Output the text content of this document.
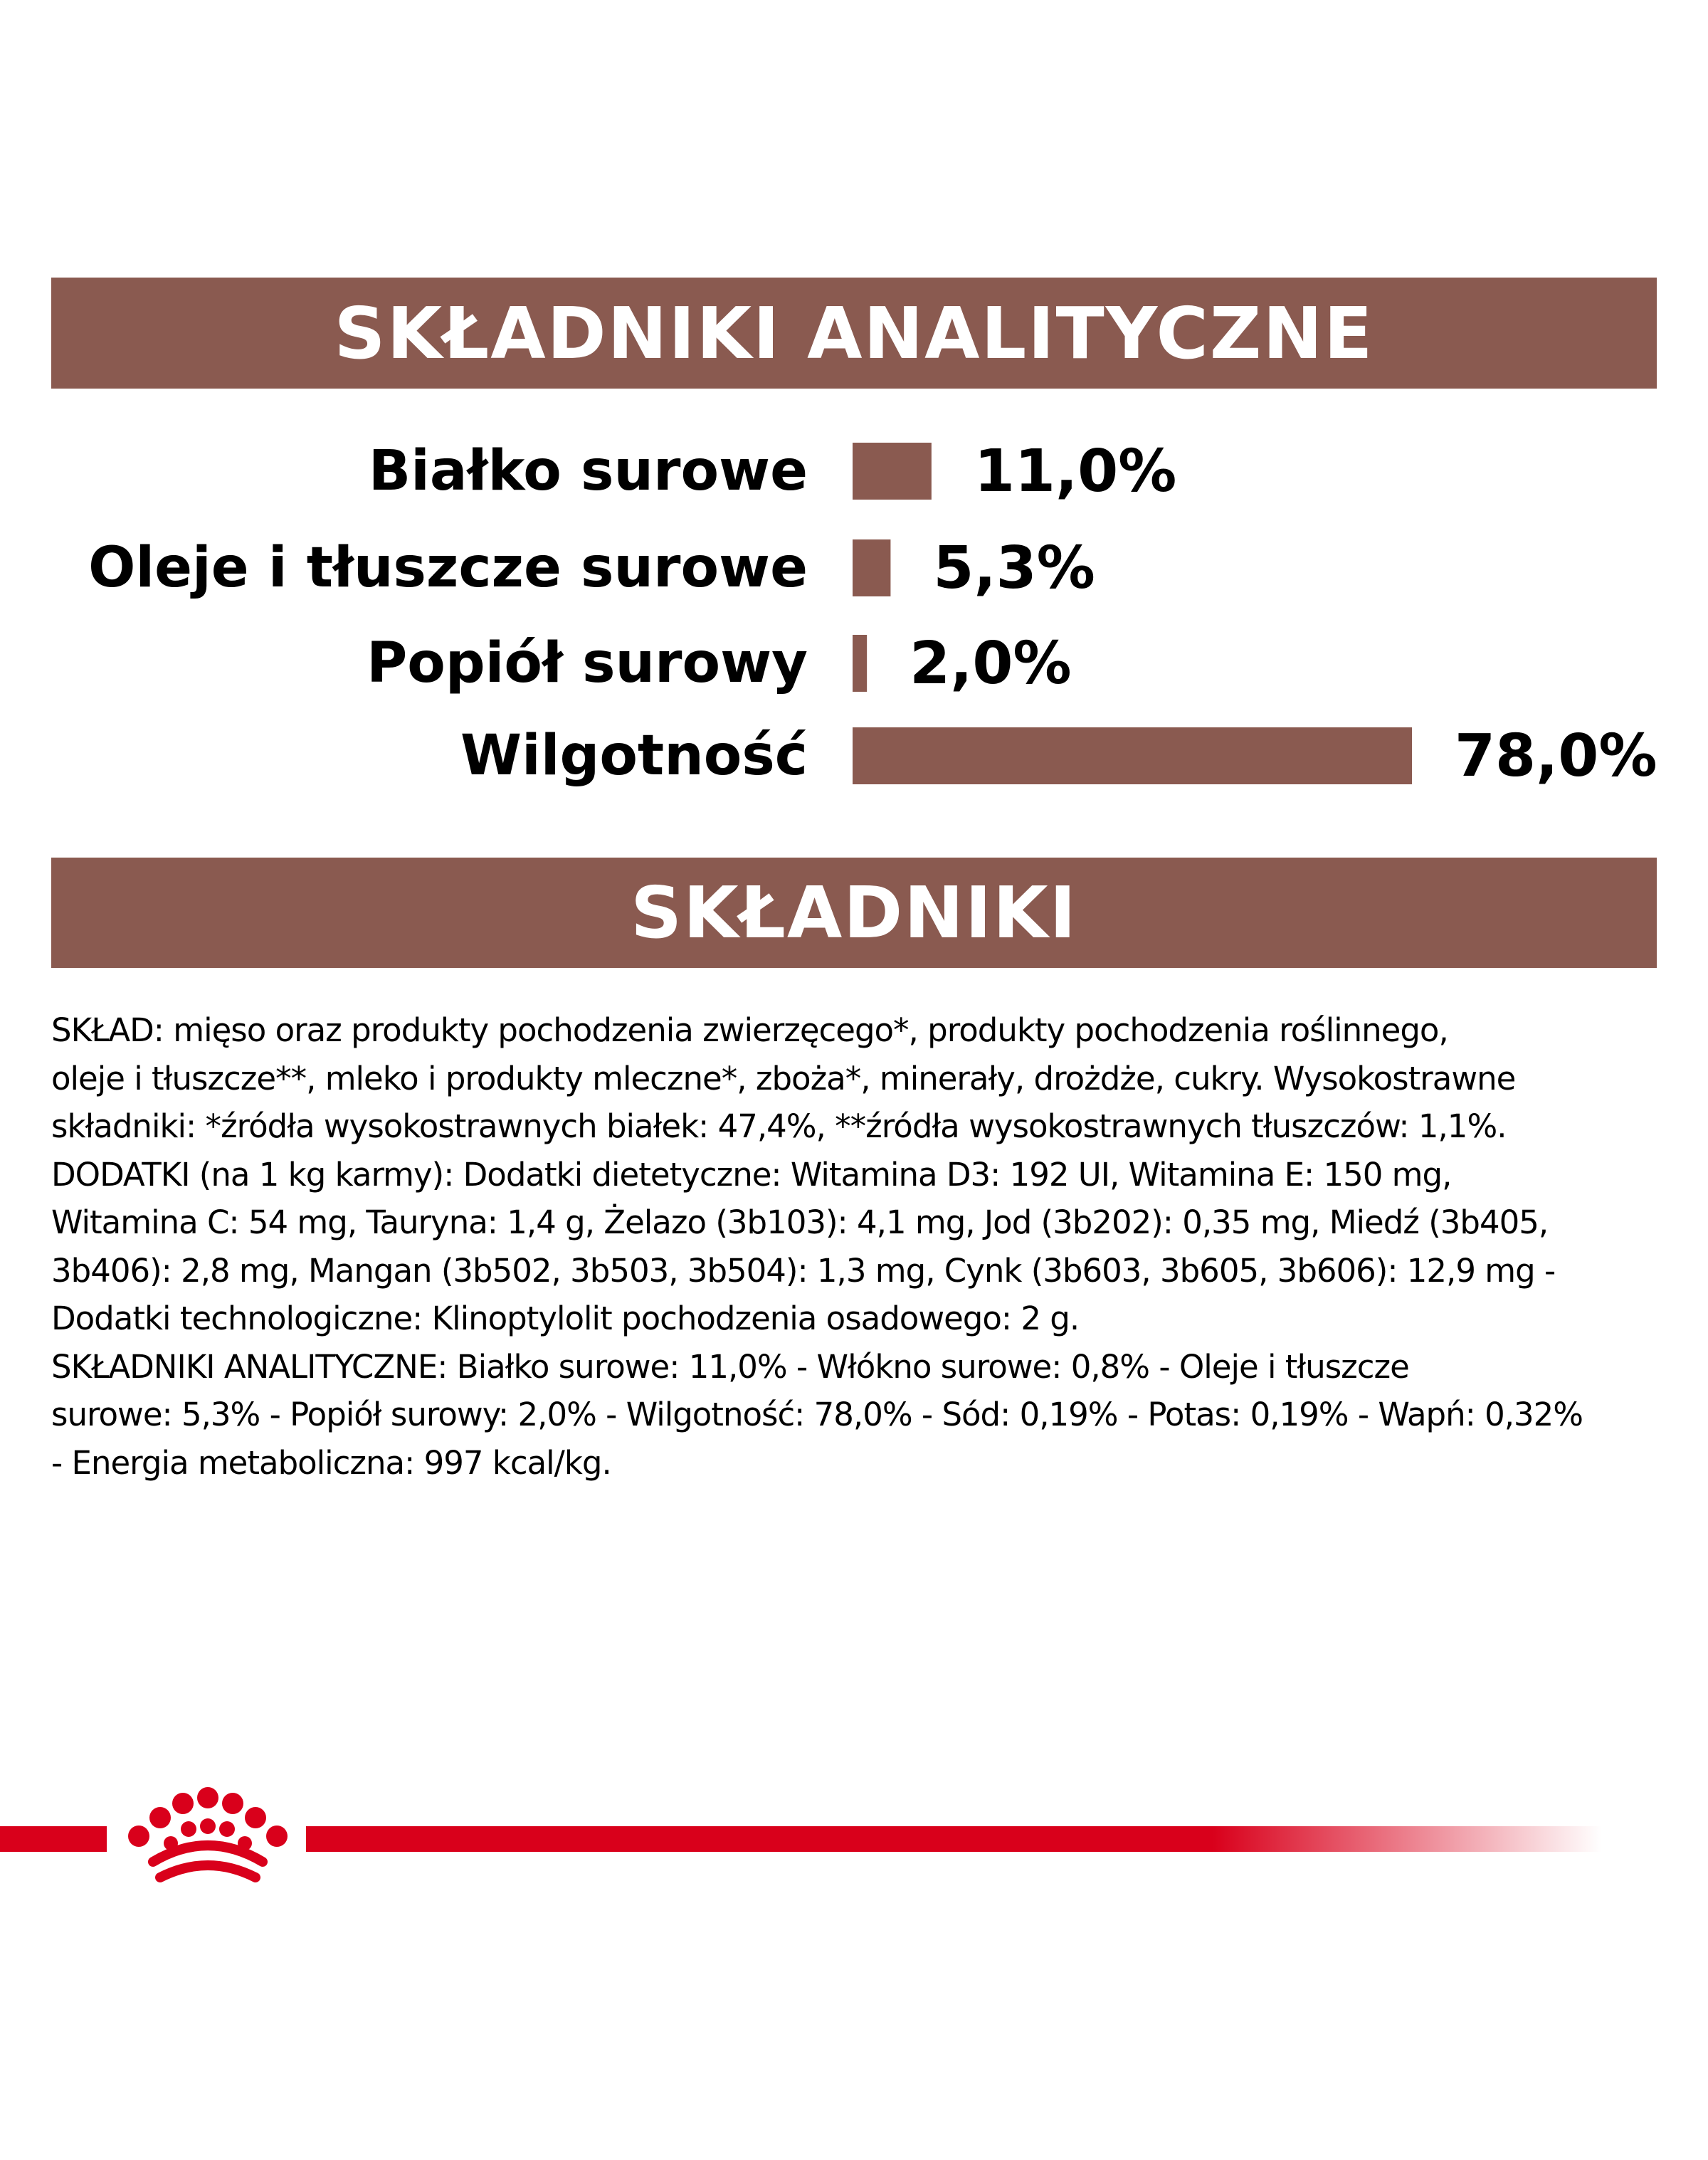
SKŁADNIKI ANALITYCZNE
Białko surowe	11,0%
Oleje i tłuszcze surowe 5,3%
Popiół surowy 2,0%
Wilgotność	78,0%
SKŁADNIKI
SKŁAD: mięso oraz produkty pochodzenia zwierzęcego*, produkty pochodzenia roślinnego,
oleje i tłuszcze**, mleko i produkty mleczne*, zboża*, minerały, drożdże, cukry. Wysokostrawne
składniki: *źródła wysokostrawnych białek: 47,4%, **źródła wysokostrawnych tłuszczów: 1,1%.
DODATKI (na 1 kg karmy): Dodatki dietetyczne: Witamina D3: 192 UI, Witamina E: 150 mg,
Witamina C: 54 mg, Tauryna: 1,4 g, Żelazo (3b103): 4,1 mg, Jod (3b202): 0,35 mg, Miedź (3b405,
3b406): 2,8 mg, Mangan (3b502, 3b503, 3b504): 1,3 mg, Cynk (3b603, 3b605, 3b606): 12,9 mg -
Dodatki technologiczne: Klinoptylolit pochodzenia osadowego: 2 g.
SKŁADNIKI ANALITYCZNE: Białko surowe: 11,0% - Włókno surowe: 0,8% - Oleje i tłuszcze
surowe: 5,3% - Popiół surowy: 2,0% - Wilgotność: 78,0% - Sód: 0,19% - Potas: 0,19% - Wapń: 0,32%
- Energia metaboliczna: 997 kcal/kg.
